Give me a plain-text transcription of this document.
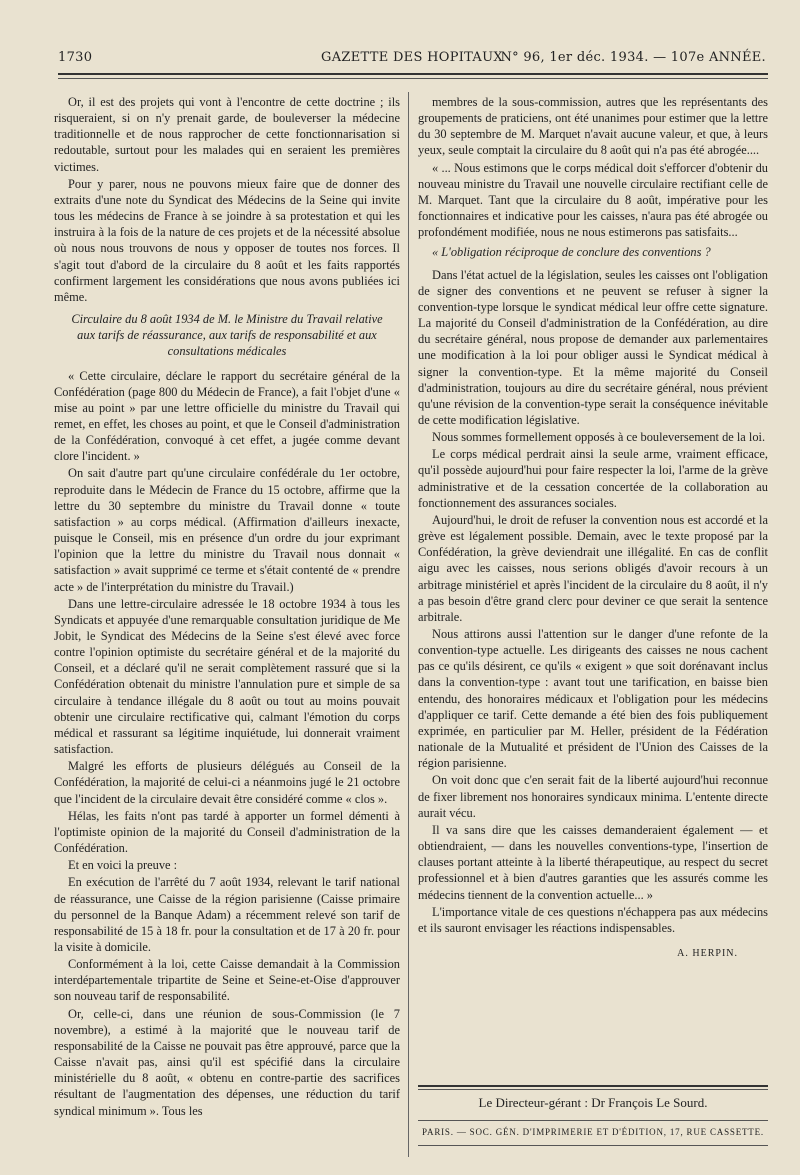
1730	GAZETTE DES HOPITAUX
N° 96, 1er déc. 1934. — 107e ANNÉE.

Or, il est des projets qui vont à l'encontre de cette doctrine ; ils risqueraient, si on n'y prenait garde, de bouleverser la médecine traditionnelle et de nous rapprocher de cette fonctionnarisation si redoutable, surtout pour les malades qui en seraient les premières victimes.

Pour y parer, nous ne pouvons mieux faire que de donner des extraits d'une note du Syndicat des Médecins de la Seine qui invite tous les médecins de France à se joindre à sa protestation et qui les instruira à la fois de la nature de ces projets et de la nécessité absolue où nous nous trouvons de nous y opposer de toutes nos forces. Il s'agit tout d'abord de la circulaire du 8 août et les faits rapportés confirment largement les considérations que nous avons publiées ici même.

Circulaire du 8 août 1934 de M. le Ministre du Travail relative aux tarifs de réassurance, aux tarifs de responsabilité et aux consultations médicales

« Cette circulaire, déclare le rapport du secrétaire général de la Confédération (page 800 du Médecin de France), a fait l'objet d'une « mise au point » par une lettre officielle du ministre du Travail qui remet, en effet, les choses au point, et que le Conseil d'administration de la Confédération, convoqué à cet effet, a jugée comme devant clore l'incident. »

On sait d'autre part qu'une circulaire confédérale du 1er octobre, reproduite dans le Médecin de France du 15 octobre, affirme que la lettre du 30 septembre du ministre du Travail donne « toute satisfaction » au corps médical. (Affirmation d'ailleurs inexacte, puisque le Conseil, mis en présence d'un ordre du jour exprimant l'opinion que la lettre du ministre du Travail nous donnait « satisfaction » avait supprimé ce terme et s'était contenté de « prendre acte » de l'interprétation du ministre du Travail.)

Dans une lettre-circulaire adressée le 18 octobre 1934 à tous les Syndicats et appuyée d'une remarquable consultation juridique de Me Jobit, le Syndicat des Médecins de la Seine s'est élevé avec force contre l'opinion optimiste du secrétaire général et de la majorité du Conseil, et a déclaré qu'il ne serait complètement rassuré que si la Confédération obtenait du ministre l'annulation pure et simple de sa circulaire à tendance illégale du 8 août ou tout au moins pouvait obtenir une circulaire rectificative qui, calmant l'émotion du corps médical et rassurant sa légitime inquiétude, lui donnerait vraiment satisfaction.

Malgré les efforts de plusieurs délégués au Conseil de la Confédération, la majorité de celui-ci a néanmoins jugé le 21 octobre que l'incident de la circulaire devait être considéré comme « clos ».

Hélas, les faits n'ont pas tardé à apporter un formel démenti à l'optimiste opinion de la majorité du Conseil d'administration de la Confédération.

Et en voici la preuve :

En exécution de l'arrêté du 7 août 1934, relevant le tarif national de réassurance, une Caisse de la région parisienne (Caisse primaire du personnel de la Banque Adam) a récemment relevé son tarif de responsabilité de 15 à 18 fr. pour la consultation et de 17 à 20 fr. pour la visite à domicile.

Conformément à la loi, cette Caisse demandait à la Commission interdépartementale tripartite de Seine et Seine-et-Oise d'approuver son nouveau tarif de responsabilité.

Or, celle-ci, dans une réunion de sous-Commission (le 7 novembre), a estimé à la majorité que le nouveau tarif de responsabilité de la Caisse ne pouvait pas être approuvé, parce que la Caisse n'avait pas, ainsi qu'il est spécifié dans la circulaire ministérielle du 8 août, « obtenu en contre-partie des sacrifices résultant de l'augmentation des dépenses, une réduction du tarif syndical minimum ». Tous les

membres de la sous-commission, autres que les représentants des groupements de praticiens, ont été unanimes pour estimer que la lettre du 30 septembre de M. Marquet n'avait aucune valeur, et que, à leurs yeux, seule comptait la circulaire du 8 août qui n'a pas été abrogée....

« ... Nous estimons que le corps médical doit s'efforcer d'obtenir du nouveau ministre du Travail une nouvelle circulaire rectifiant celle de M. Marquet. Tant que la circulaire du 8 août, impérative pour les fonctionnaires et indicative pour les caisses, n'aura pas été abrogée ou profondément modifiée, nous ne nous estimerons pas satisfaits...

« L'obligation réciproque de conclure des conventions ?

Dans l'état actuel de la législation, seules les caisses ont l'obligation de signer des conventions et ne peuvent se refuser à signer la convention-type lorsque le syndicat médical leur offre cette signature. La majorité du Conseil d'administration de la Confédération, au dire du secrétaire général, nous propose de demander aux parlementaires une modification à la loi pour obliger aussi le Syndicat médical à signer la convention-type. Et la même majorité du Conseil d'administration, toujours au dire du secrétaire général, nous prévient qu'une révision de la convention-type serait la conséquence inévitable de cette modification législative.

Nous sommes formellement opposés à ce bouleversement de la loi.

Le corps médical perdrait ainsi la seule arme, vraiment efficace, qu'il possède aujourd'hui pour faire respecter la loi, l'arme de la grève administrative et de la cessation concertée de la collaboration au fonctionnement des assurances sociales.

Aujourd'hui, le droit de refuser la convention nous est accordé et la grève est légalement possible. Demain, avec le texte proposé par la Confédération, la grève deviendrait une illégalité. En cas de conflit aigu avec les caisses, nous serions obligés d'avoir recours à un arbitrage ministériel et après l'incident de la circulaire du 8 août, il n'y a pas besoin d'être grand clerc pour deviner ce que serait la sentence arbitrale.

Nous attirons aussi l'attention sur le danger d'une refonte de la convention-type actuelle. Les dirigeants des caisses ne nous cachent pas ce qu'ils désirent, ce qu'ils « exigent » que soit dorénavant inclus dans la convention-type : avant tout une tarification, en baisse bien entendu, des honoraires médicaux et l'obligation pour les médecins d'appliquer ce tarif. Cette demande a été bien des fois publiquement exprimée, en particulier par M. Heller, président de la Fédération nationale de la Mutualité et président de l'Union des Caisses de la région parisienne.

On voit donc que c'en serait fait de la liberté aujourd'hui reconnue de fixer librement nos honoraires syndicaux minima. L'entente directe aurait vécu.

Il va sans dire que les caisses demanderaient également — et obtiendraient, — dans les nouvelles conventions-type, l'insertion de clauses portant atteinte à la liberté thérapeutique, au respect du secret professionnel et à bien d'autres garanties que les assurés comme les médecins tiennent de la convention actuelle... »

L'importance vitale de ces questions n'échappera pas aux médecins et ils sauront envisager les réactions indispensables.

A. HERPIN.

Le Directeur-gérant : Dr François Le Sourd.
PARIS. — SOC. GÉN. D'IMPRIMERIE ET D'ÉDITION, 17, RUE CASSETTE.
